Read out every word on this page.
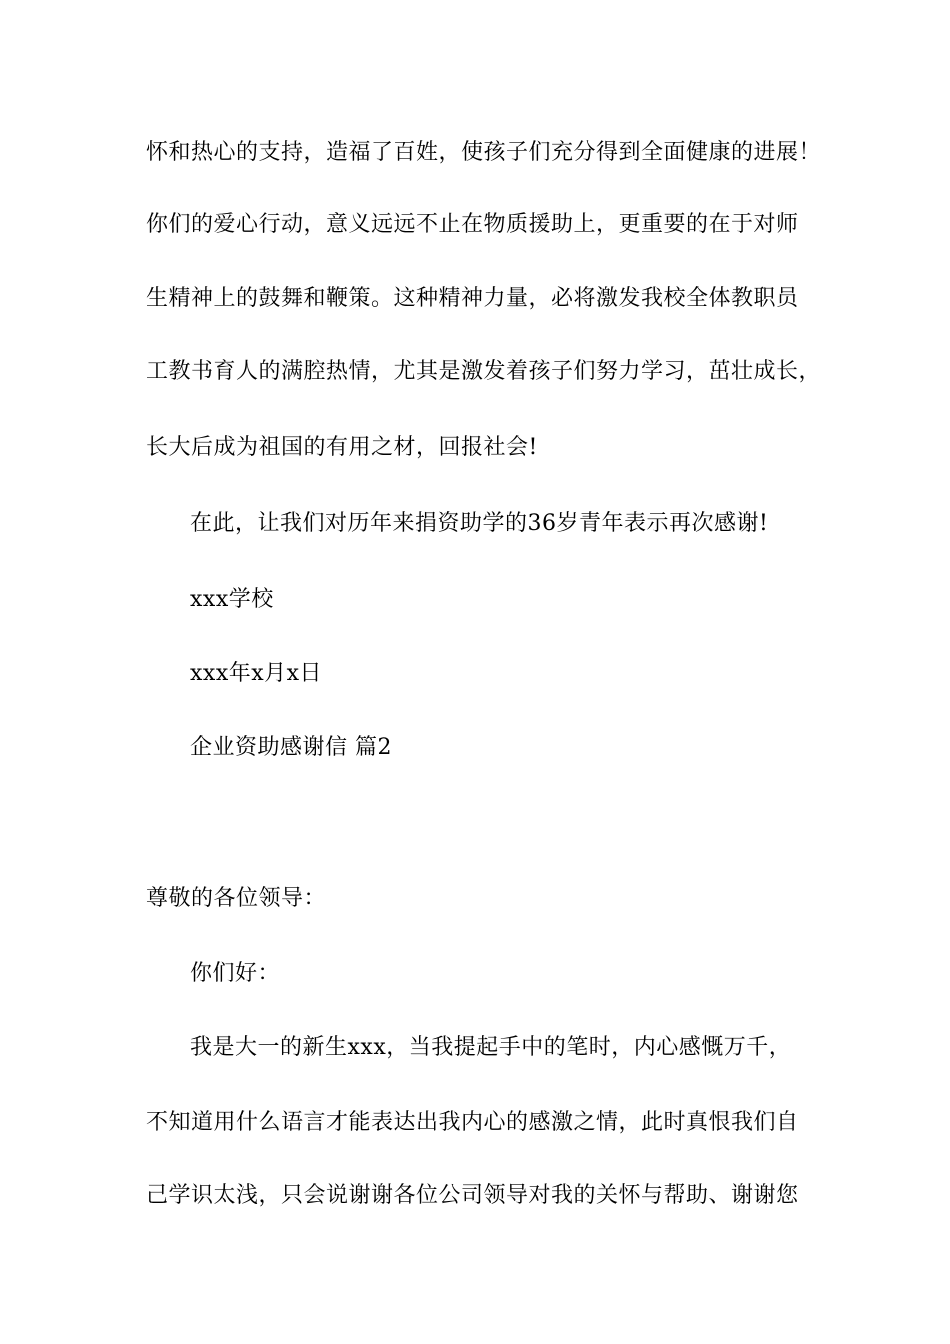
怀和热心的支持，造福了百姓，使孩子们充分得到全面健康的进展！
你们的爱心行动，意义远远不止在物质援助上，更重要的在于对师
生精神上的鼓舞和鞭策。这种精神力量，必将激发我校全体教职员
工教书育人的满腔热情，尤其是激发着孩子们努力学习，茁壮成长，
长大后成为祖国的有用之材，回报社会!
在此，让我们对历年来捐资助学的36岁青年表示再次感谢!
xxx学校
xxx年x月x日
企业资助感谢信 篇2
尊敬的各位领导：
你们好：
我是大一的新生xxx，当我提起手中的笔时，内心感慨万千，
不知道用什么语言才能表达出我内心的感激之情，此时真恨我们自
己学识太浅，只会说谢谢各位公司领导对我的关怀与帮助、谢谢您
